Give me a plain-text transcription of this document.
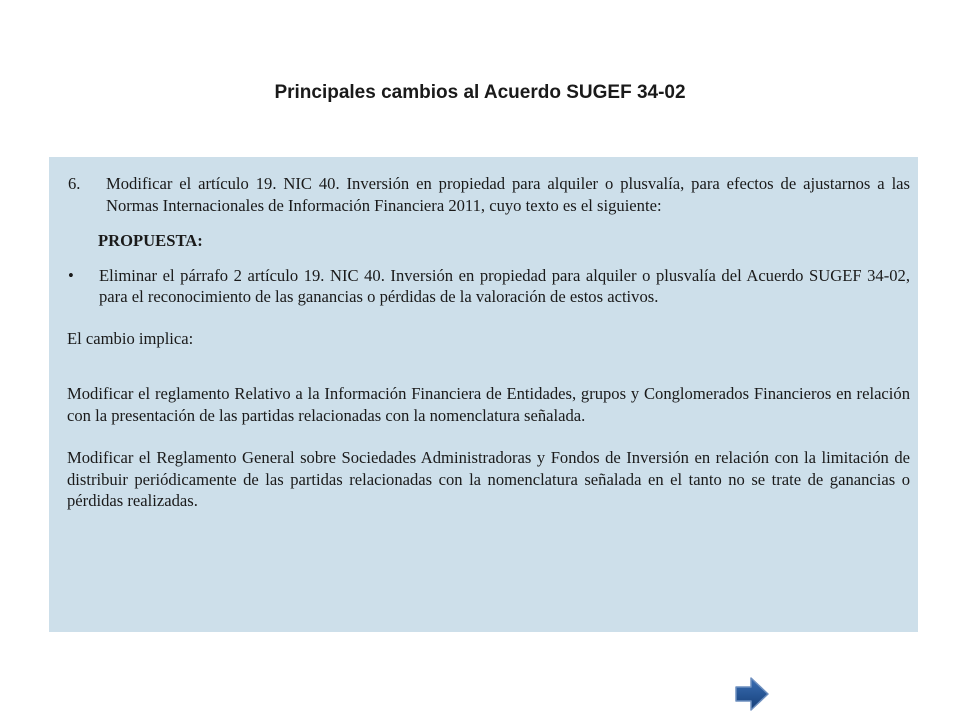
Principales cambios al Acuerdo SUGEF 34-02
6.	Modificar el artículo 19. NIC 40. Inversión en propiedad para alquiler o plusvalía, para efectos de ajustarnos a las Normas Internacionales de Información Financiera 2011, cuyo texto es el siguiente:
PROPUESTA:
•	Eliminar el párrafo 2 artículo 19. NIC 40. Inversión en propiedad para alquiler o plusvalía del Acuerdo SUGEF 34-02, para el reconocimiento de las ganancias o pérdidas de la valoración de estos activos.
El cambio implica:
Modificar el reglamento Relativo a la Información Financiera de Entidades, grupos y Conglomerados Financieros en relación con la presentación de las partidas relacionadas con la nomenclatura señalada.
Modificar el Reglamento General sobre Sociedades Administradoras y Fondos de Inversión en relación con la limitación de distribuir periódicamente de las partidas relacionadas con la nomenclatura señalada en el tanto no se trate de ganancias o pérdidas realizadas.
